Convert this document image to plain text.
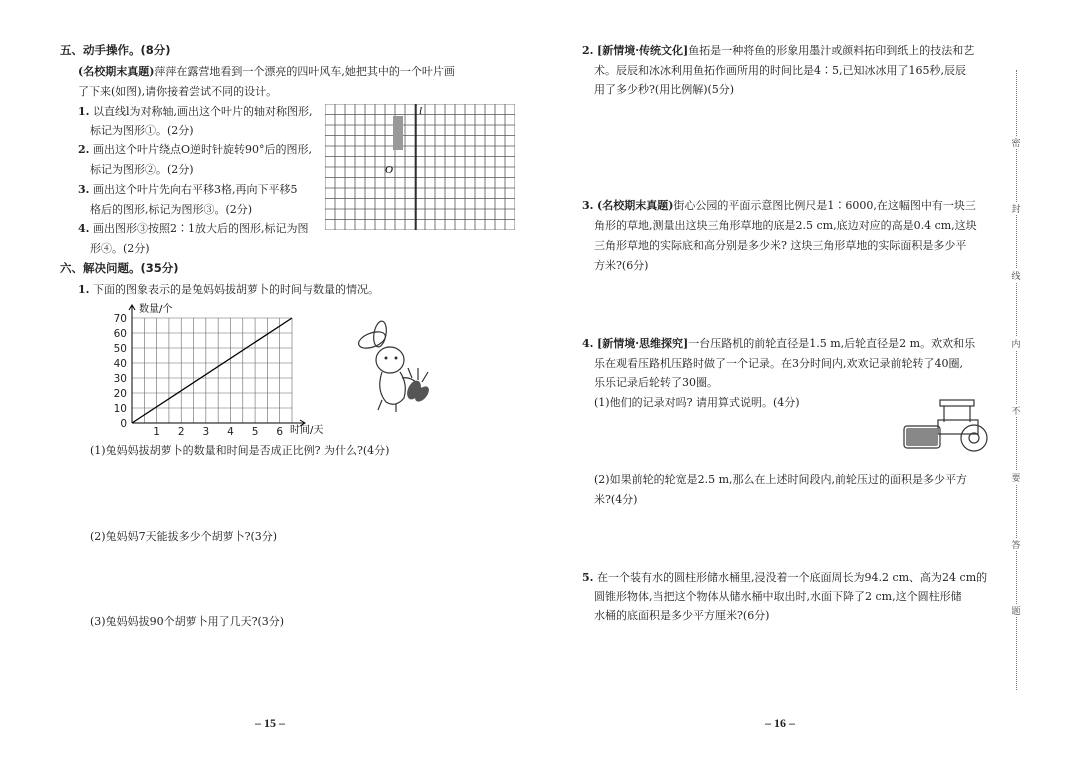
五、动手操作。(8分)
(名校期末真题)萍萍在露营地看到一个漂亮的四叶风车,她把其中的一个叶片画
了下来(如图),请你接着尝试不同的设计。
1. 以直线l为对称轴,画出这个叶片的轴对称图形,
标记为图形①。(2分)
2. 画出这个叶片绕点O逆时针旋转90°后的图形,
标记为图形②。(2分)
3. 画出这个叶片先向右平移3格,再向下平移5
格后的图形,标记为图形③。(2分)
4. 画出图形③按照2∶1放大后的图形,标记为图
形④。(2分)
l
O
六、解决问题。(35分)
1. 下面的图象表示的是兔妈妈拔胡萝卜的时间与数量的情况。
0
10
20
30
40
50
60
70
1 2 3 4 5 6
数量/个
时间/天
(1)兔妈妈拔胡萝卜的数量和时间是否成正比例? 为什么?(4分)
(2)兔妈妈7天能拔多少个胡萝卜?(3分)
(3)兔妈妈拔90个胡萝卜用了几天?(3分)
– 15 –
2. [新情境·传统文化]鱼拓是一种将鱼的形象用墨汁或颜料拓印到纸上的技法和艺
术。辰辰和冰冰利用鱼拓作画所用的时间比是4∶5,已知冰冰用了165秒,辰辰
用了多少秒?(用比例解)(5分)
3. (名校期末真题)街心公园的平面示意图比例尺是1∶6000,在这幅图中有一块三
角形的草地,测量出这块三角形草地的底是2.5 cm,底边对应的高是0.4 cm,这块
三角形草地的实际底和高分别是多少米? 这块三角形草地的实际面积是多少平
方米?(6分)
4. [新情境·思维探究]一台压路机的前轮直径是1.5 m,后轮直径是2 m。欢欢和乐
乐在观看压路机压路时做了一个记录。在3分时间内,欢欢记录前轮转了40圈,
乐乐记录后轮转了30圈。
(1)他们的记录对吗? 请用算式说明。(4分)
(2)如果前轮的轮宽是2.5 m,那么在上述时间段内,前轮压过的面积是多少平方
米?(4分)
5. 在一个装有水的圆柱形储水桶里,浸没着一个底面周长为94.2 cm、高为24 cm的
圆锥形物体,当把这个物体从储水桶中取出时,水面下降了2 cm,这个圆柱形储
水桶的底面积是多少平方厘米?(6分)
– 16 –
密
封
线
内
不
要
答
题
